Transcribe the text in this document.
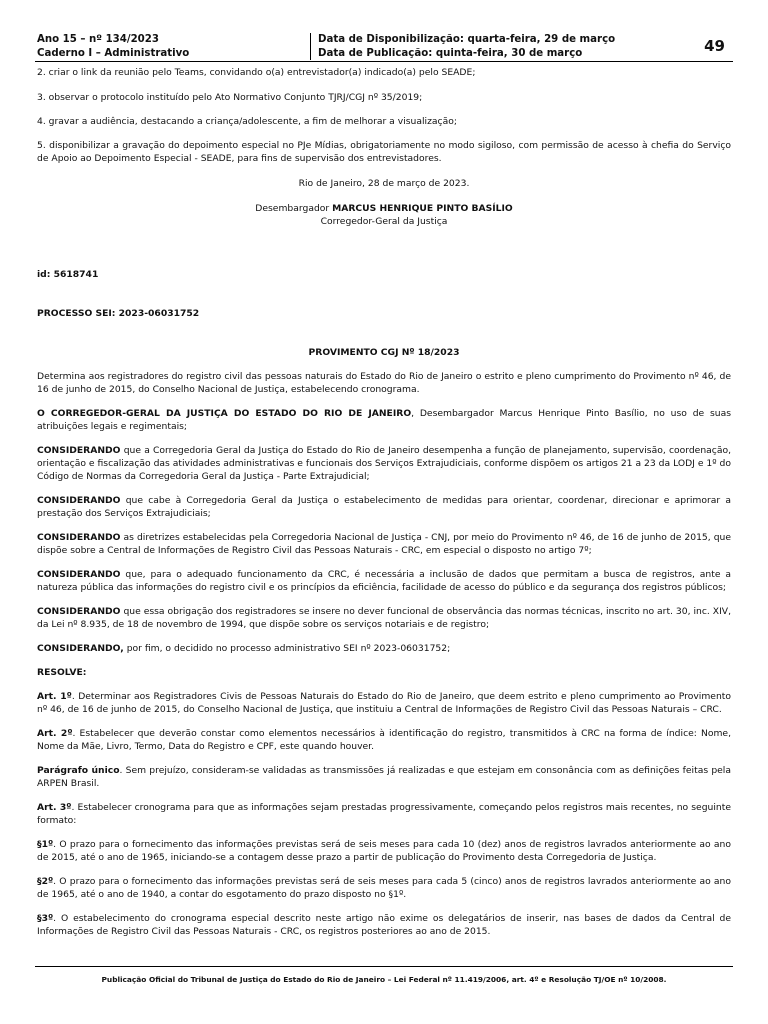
Ano 15 – nº 134/2023
Caderno I – Administrativo
Data de Disponibilização: quarta-feira, 29 de março
Data de Publicação: quinta-feira, 30 de março	49

2. criar o link da reunião pelo Teams, convidando o(a) entrevistador(a) indicado(a) pelo SEADE;

3. observar o protocolo instituído pelo Ato Normativo Conjunto TJRJ/CGJ nº 35/2019;

4. gravar a audiência, destacando a criança/adolescente, a fim de melhorar a visualização;

5. disponibilizar a gravação do depoimento especial no PJe Mídias, obrigatoriamente no modo sigiloso, com permissão de acesso à chefia do Serviço de Apoio ao Depoimento Especial - SEADE, para fins de supervisão dos entrevistadores.

Rio de Janeiro, 28 de março de 2023.

Desembargador MARCUS HENRIQUE PINTO BASÍLIO

Corregedor-Geral da Justiça

id: 5618741

PROCESSO SEI: 2023-06031752

PROVIMENTO CGJ Nº 18/2023

Determina aos registradores do registro civil das pessoas naturais do Estado do Rio de Janeiro o estrito e pleno cumprimento do Provimento nº 46, de 16 de junho de 2015, do Conselho Nacional de Justiça, estabelecendo cronograma.

O CORREGEDOR-GERAL DA JUSTIÇA DO ESTADO DO RIO DE JANEIRO, Desembargador Marcus Henrique Pinto Basílio, no uso de suas atribuições legais e regimentais;

CONSIDERANDO que a Corregedoria Geral da Justiça do Estado do Rio de Janeiro desempenha a função de planejamento, supervisão, coordenação, orientação e fiscalização das atividades administrativas e funcionais dos Serviços Extrajudiciais, conforme dispõem os artigos 21 a 23 da LODJ e 1º do Código de Normas da Corregedoria Geral da Justiça - Parte Extrajudicial;

CONSIDERANDO que cabe à Corregedoria Geral da Justiça o estabelecimento de medidas para orientar, coordenar, direcionar e aprimorar a prestação dos Serviços Extrajudiciais;

CONSIDERANDO as diretrizes estabelecidas pela Corregedoria Nacional de Justiça - CNJ, por meio do Provimento nº 46, de 16 de junho de 2015, que dispõe sobre a Central de Informações de Registro Civil das Pessoas Naturais - CRC, em especial o disposto no artigo 7º;

CONSIDERANDO que, para o adequado funcionamento da CRC, é necessária a inclusão de dados que permitam a busca de registros, ante a natureza pública das informações do registro civil e os princípios da eficiência, facilidade de acesso do público e da segurança dos registros públicos;

CONSIDERANDO que essa obrigação dos registradores se insere no dever funcional de observância das normas técnicas, inscrito no art. 30, inc. XIV, da Lei nº 8.935, de 18 de novembro de 1994, que dispõe sobre os serviços notariais e de registro;

CONSIDERANDO, por fim, o decidido no processo administrativo SEI nº 2023-06031752;

RESOLVE:

Art. 1º. Determinar aos Registradores Civis de Pessoas Naturais do Estado do Rio de Janeiro, que deem estrito e pleno cumprimento ao Provimento nº 46, de 16 de junho de 2015, do Conselho Nacional de Justiça, que instituiu a Central de Informações de Registro Civil das Pessoas Naturais – CRC.

Art. 2º. Estabelecer que deverão constar como elementos necessários à identificação do registro, transmitidos à CRC na forma de índice: Nome, Nome da Mãe, Livro, Termo, Data do Registro e CPF, este quando houver.

Parágrafo único. Sem prejuízo, consideram-se validadas as transmissões já realizadas e que estejam em consonância com as definições feitas pela ARPEN Brasil.

Art. 3º. Estabelecer cronograma para que as informações sejam prestadas progressivamente, começando pelos registros mais recentes, no seguinte formato:

§1º. O prazo para o fornecimento das informações previstas será de seis meses para cada 10 (dez) anos de registros lavrados anteriormente ao ano de 2015, até o ano de 1965, iniciando-se a contagem desse prazo a partir de publicação do Provimento desta Corregedoria de Justiça.

§2º. O prazo para o fornecimento das informações previstas será de seis meses para cada 5 (cinco) anos de registros lavrados anteriormente ao ano de 1965, até o ano de 1940, a contar do esgotamento do prazo disposto no §1º.

§3º. O estabelecimento do cronograma especial descrito neste artigo não exime os delegatários de inserir, nas bases de dados da Central de Informações de Registro Civil das Pessoas Naturais - CRC, os registros posteriores ao ano de 2015.

Publicação Oficial do Tribunal de Justiça do Estado do Rio de Janeiro – Lei Federal nº 11.419/2006, art. 4º e Resolução TJ/OE nº 10/2008.
